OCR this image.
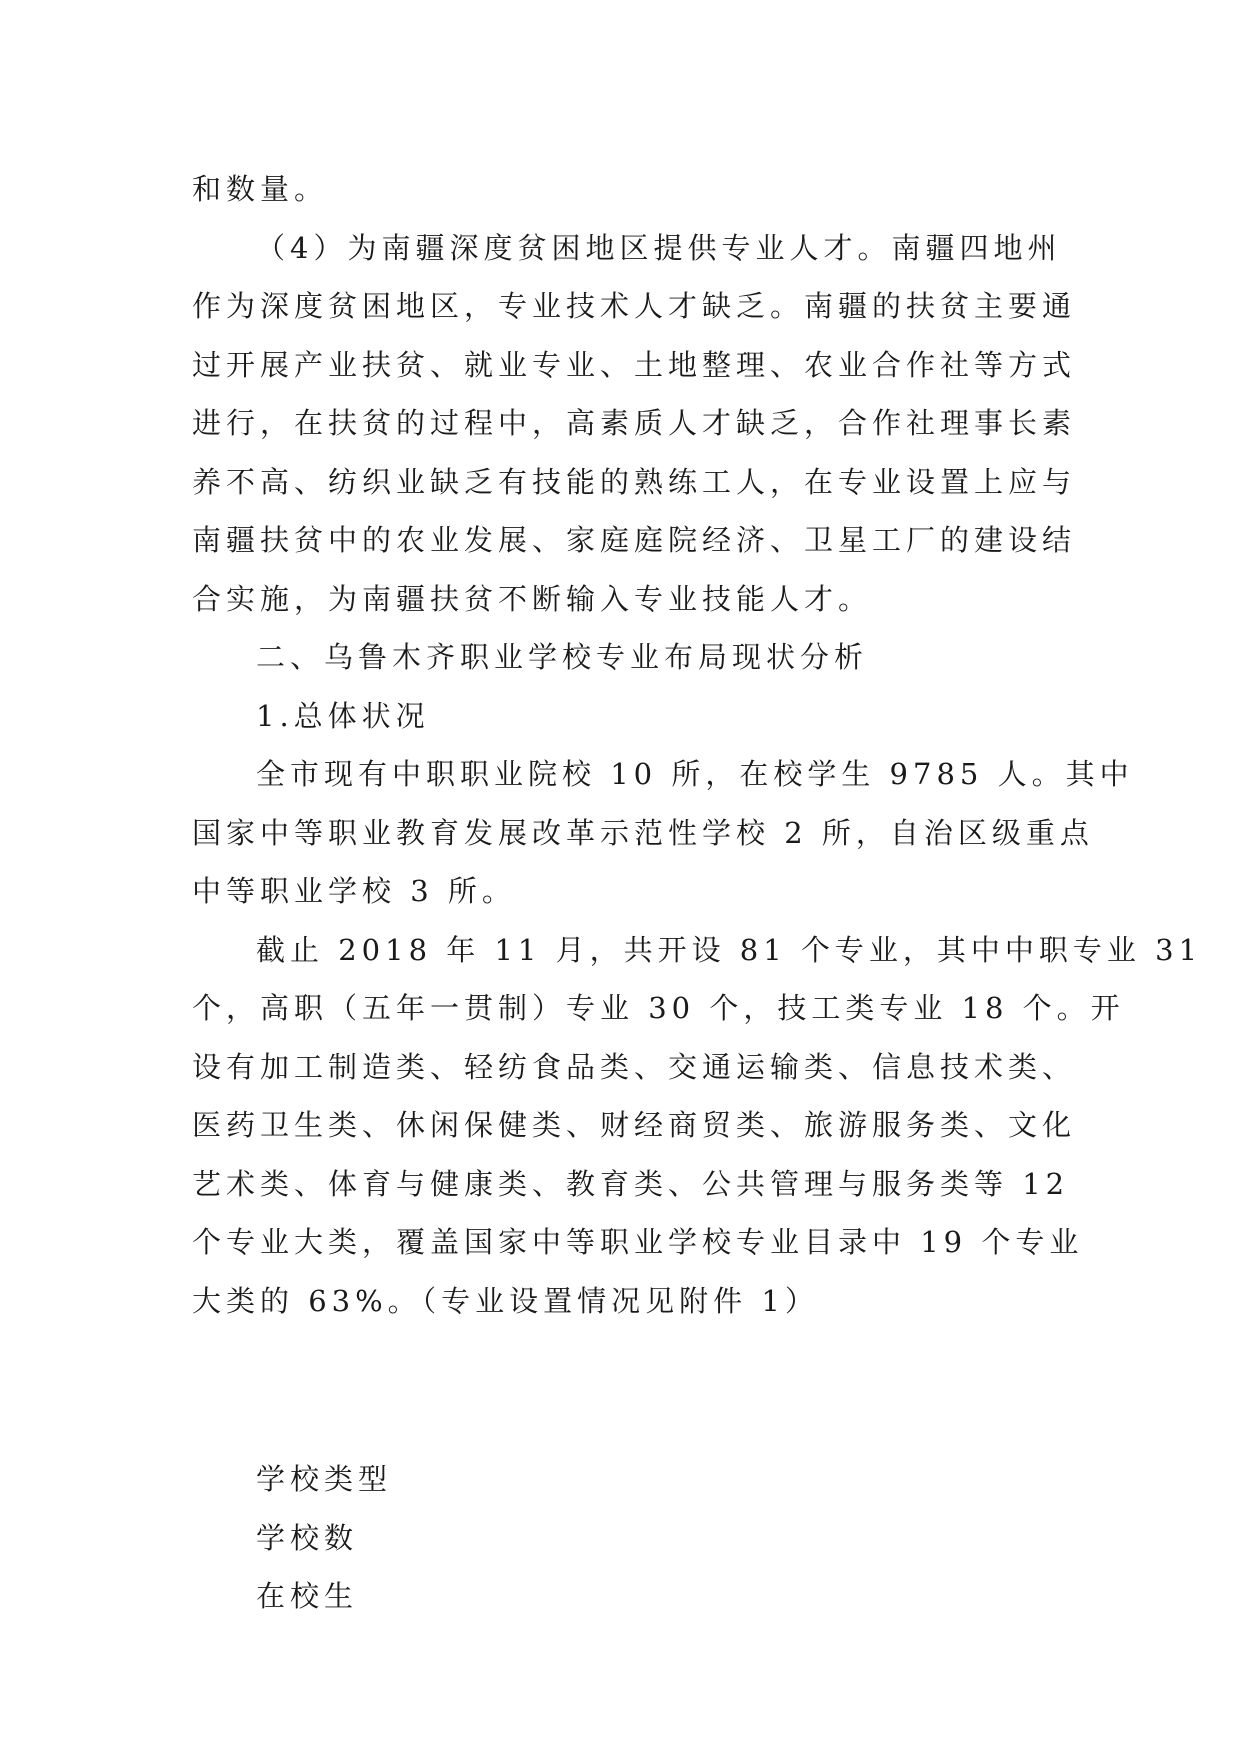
和数量。
（4）为南疆深度贫困地区提供专业人才。南疆四地州
作为深度贫困地区，专业技术人才缺乏。南疆的扶贫主要通
过开展产业扶贫、就业专业、土地整理、农业合作社等方式
进行，在扶贫的过程中，高素质人才缺乏，合作社理事长素
养不高、纺织业缺乏有技能的熟练工人，在专业设置上应与
南疆扶贫中的农业发展、家庭庭院经济、卫星工厂的建设结
合实施，为南疆扶贫不断输入专业技能人才。
二、乌鲁木齐职业学校专业布局现状分析
1.总体状况
全市现有中职职业院校 10 所，在校学生 9785 人。其中
国家中等职业教育发展改革示范性学校 2 所，自治区级重点
中等职业学校 3 所。
截止 2018 年 11 月，共开设 81 个专业，其中中职专业 31
个，高职（五年一贯制）专业 30 个，技工类专业 18 个。开
设有加工制造类、轻纺食品类、交通运输类、信息技术类、
医药卫生类、休闲保健类、财经商贸类、旅游服务类、文化
艺术类、体育与健康类、教育类、公共管理与服务类等 12
个专业大类，覆盖国家中等职业学校专业目录中 19 个专业
大类的 63%。（专业设置情况见附件 1）
学校类型
学校数
在校生
